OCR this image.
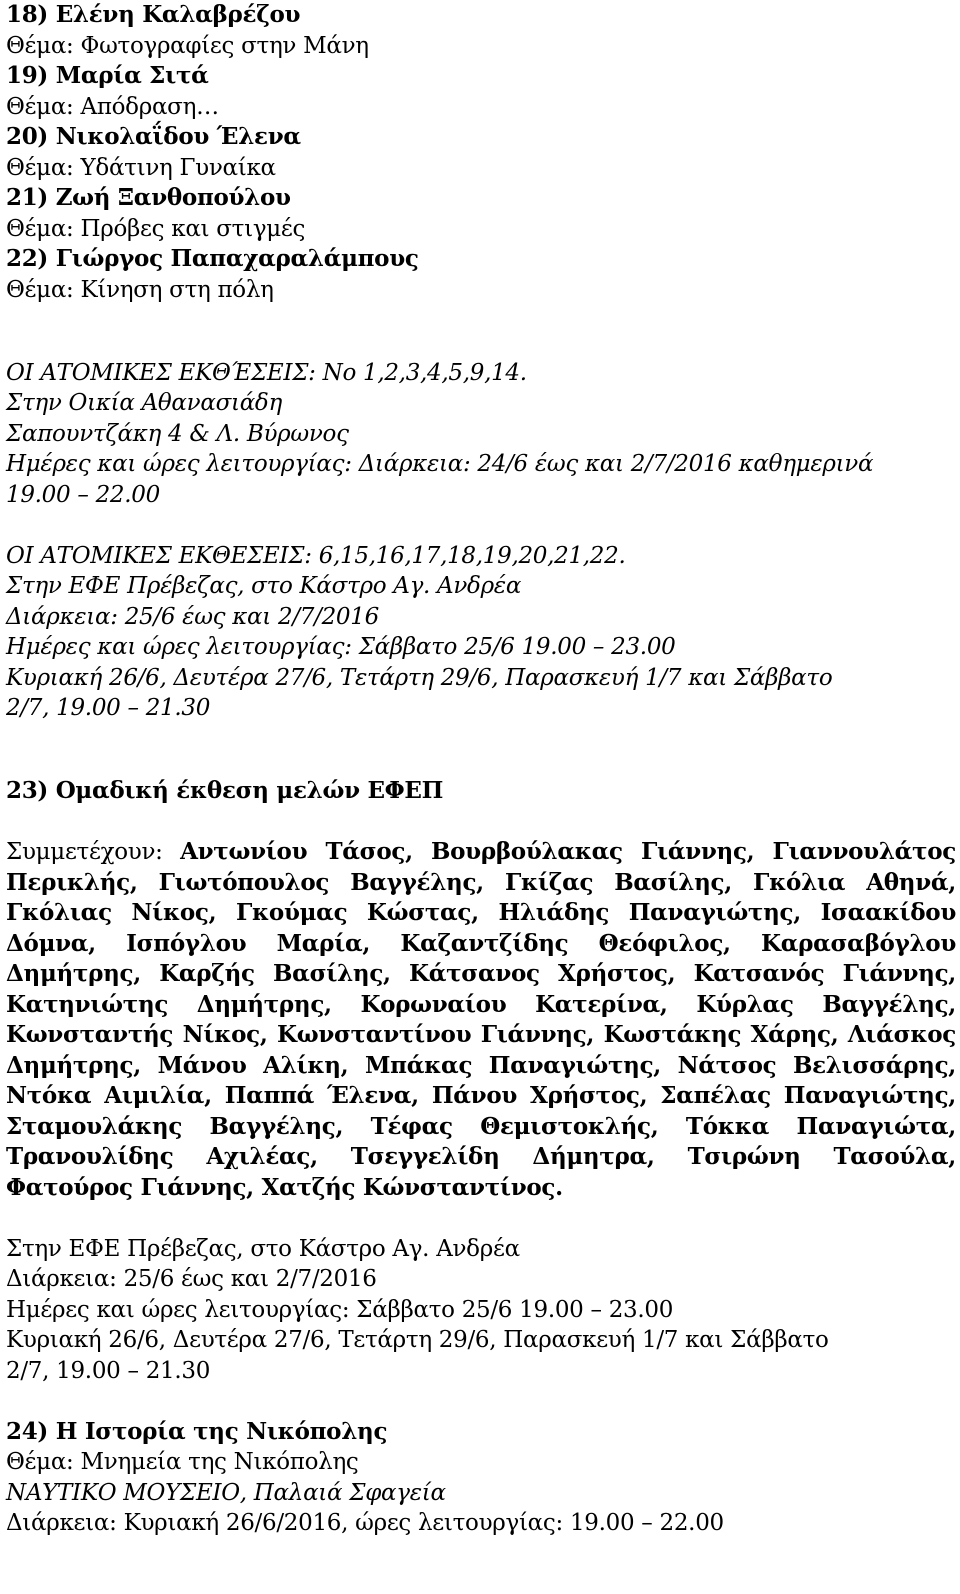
18) Ελένη Καλαβρέζου
Θέμα: Φωτογραφίες στην Μάνη
19) Μαρία Σιτά
Θέμα: Απόδραση…
20) Νικολαΐδου Έλενα
Θέμα: Υδάτινη Γυναίκα
21) Ζωή Ξανθοπούλου
Θέμα: Πρόβες και στιγμές
22) Γιώργος Παπαχαραλάμπους
Θέμα: Κίνηση στη πόλη
ΟΙ ΑΤΟΜΙΚΕΣ ΕΚΘΈΣΕΙΣ: Νο 1,2,3,4,5,9,14.
Στην Οικία Αθανασιάδη
Σαπουντζάκη 4 & Λ. Βύρωνος
Ημέρες και ώρες λειτουργίας: Διάρκεια: 24/6 έως και 2/7/2016 καθημερινά
19.00 – 22.00
ΟΙ ΑΤΟΜΙΚΕΣ ΕΚΘΕΣΕΙΣ: 6,15,16,17,18,19,20,21,22.
Στην ΕΦΕ Πρέβεζας, στο Κάστρο Αγ. Ανδρέα
Διάρκεια: 25/6 έως και 2/7/2016
Ημέρες και ώρες λειτουργίας: Σάββατο 25/6 19.00 – 23.00
Κυριακή 26/6, Δευτέρα 27/6, Τετάρτη 29/6, Παρασκευή 1/7 και Σάββατο
2/7, 19.00 – 21.30
23) Ομαδική έκθεση μελών ΕΦΕΠ
Συμμετέχουν: Αντωνίου Τάσος, Βουρβούλακας Γιάννης, Γιαννουλάτος Περικλής, Γιωτόπουλος Βαγγέλης, Γκίζας Βασίλης, Γκόλια Αθηνά, Γκόλιας Νίκος, Γκούμας Κώστας, Ηλιάδης Παναγιώτης, Ισαακίδου Δόμνα, Ισπόγλου Μαρία, Καζαντζίδης Θεόφιλος, Καρασαβόγλου Δημήτρης, Καρζής Βασίλης, Κάτσανος Χρήστος, Κατσανός Γιάννης, Κατηνιώτης Δημήτρης, Κορωναίου Κατερίνα, Κύρλας Βαγγέλης, Κωνσταντής Νίκος, Κωνσταντίνου Γιάννης, Κωστάκης Χάρης, Λιάσκος Δημήτρης, Μάνου Αλίκη, Μπάκας Παναγιώτης, Νάτσος Βελισσάρης, Ντόκα Αιμιλία, Παππά Έλενα, Πάνου Χρήστος, Σαπέλας Παναγιώτης, Σταμουλάκης Βαγγέλης, Τέφας Θεμιστοκλής, Τόκκα Παναγιώτα, Τρανουλίδης Αχιλέας, Τσεγγελίδη Δήμητρα, Τσιρώνη Τασούλα, Φατούρος Γιάννης, Χατζής Κώνσταντίνος.
Στην ΕΦΕ Πρέβεζας, στο Κάστρο Αγ. Ανδρέα
Διάρκεια: 25/6 έως και 2/7/2016
Ημέρες και ώρες λειτουργίας: Σάββατο 25/6 19.00 – 23.00
Κυριακή 26/6, Δευτέρα 27/6, Τετάρτη 29/6, Παρασκευή 1/7 και Σάββατο
2/7, 19.00 – 21.30
24) Η Ιστορία της Νικόπολης
Θέμα: Μνημεία της Νικόπολης
ΝΑΥΤΙΚΟ ΜΟΥΣΕΙΟ, Παλαιά Σφαγεία
Διάρκεια: Κυριακή 26/6/2016, ώρες λειτουργίας: 19.00 – 22.00
